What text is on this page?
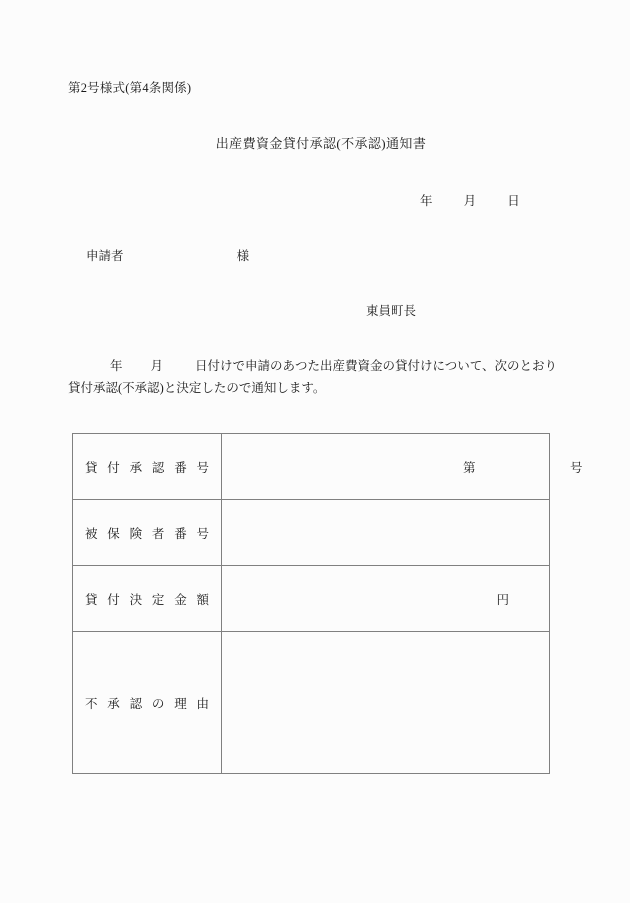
第2号様式(第4条関係)
出産費資金貸付承認(不承認)通知書
年 月 日
申請者	様
東員町長
年 月	日付けで申請のあつた出産費資金の貸付けについて、次のとおり貸付承認(不承認)と決定したので通知します。
貸付承認番号	第 号

被保険者番号	

貸付決定金額	円

不承認の理由	
